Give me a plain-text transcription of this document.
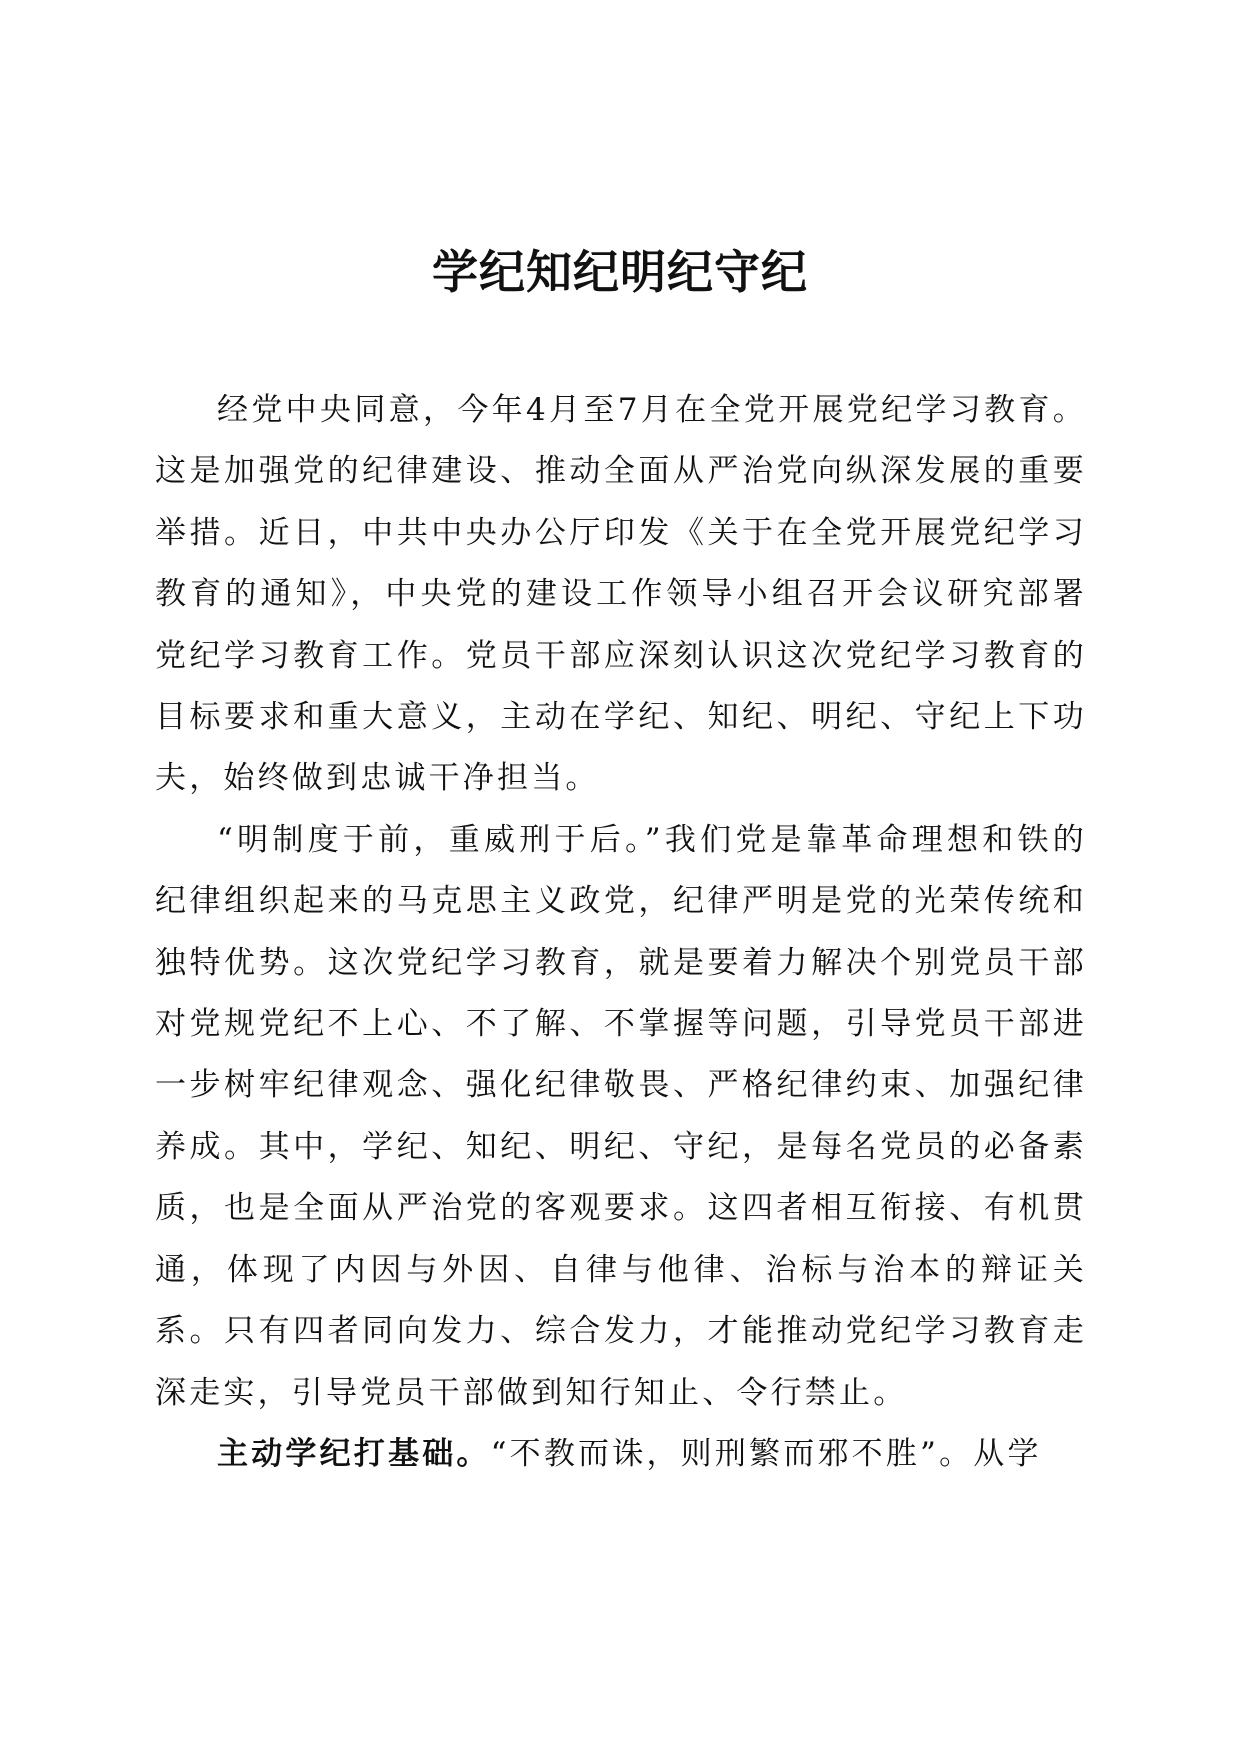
学纪知纪明纪守纪

经党中央同意，今年4月至7月在全党开展党纪学习教育。这是加强党的纪律建设、推动全面从严治党向纵深发展的重要举措。近日，中共中央办公厅印发《关于在全党开展党纪学习教育的通知》，中央党的建设工作领导小组召开会议研究部署党纪学习教育工作。党员干部应深刻认识这次党纪学习教育的目标要求和重大意义，主动在学纪、知纪、明纪、守纪上下功夫，始终做到忠诚干净担当。

“明制度于前，重威刑于后。”我们党是靠革命理想和铁的纪律组织起来的马克思主义政党，纪律严明是党的光荣传统和独特优势。这次党纪学习教育，就是要着力解决个别党员干部对党规党纪不上心、不了解、不掌握等问题，引导党员干部进一步树牢纪律观念、强化纪律敬畏、严格纪律约束、加强纪律养成。其中，学纪、知纪、明纪、守纪，是每名党员的必备素质，也是全面从严治党的客观要求。这四者相互衔接、有机贯通，体现了内因与外因、自律与他律、治标与治本的辩证关系。只有四者同向发力、综合发力，才能推动党纪学习教育走深走实，引导党员干部做到知行知止、令行禁止。

主动学纪打基础。“不教而诛，则刑繁而邪不胜”。从学
